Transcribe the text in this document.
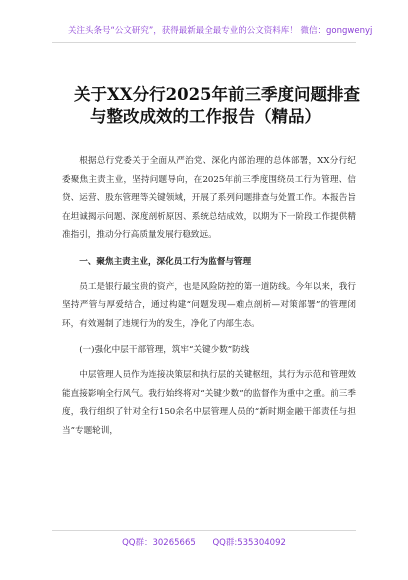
关注头条号“公文研究”，获得最新最全最专业的公文资料库！ 微信：gongwenyj
关于XX分行2025年前三季度问题排查
与整改成效的工作报告（精品）

根据总行党委关于全面从严治党、深化内部治理的总体部署，XX分行纪委聚焦主责主业，坚持问题导向，在2025年前三季度围绕员工行为管理、信贷、运营、股东管理等关键领域，开展了系列问题排查与处置工作。本报告旨在坦诚揭示问题、深度剖析原因、系统总结成效，以期为下一阶段工作提供精准指引，推动分行高质量发展行稳致远。

一、聚焦主责主业，深化员工行为监督与管理

员工是银行最宝贵的资产，也是风险防控的第一道防线。今年以来，我行坚持严管与厚爱结合，通过构建“问题发现—难点剖析—对策部署”的管理闭环，有效遏制了违规行为的发生，净化了内部生态。

(一)强化中层干部管理，筑牢“关键少数”防线

中层管理人员作为连接决策层和执行层的关键枢纽，其行为示范和管理效能直接影响全行风气。我行始终将对“关键少数”的监督作为重中之重。前三季度，我行组织了针对全行150余名中层管理人员的“新时期金融干部责任与担当”专题轮训，

QQ群：30265665 QQ群:535304092
